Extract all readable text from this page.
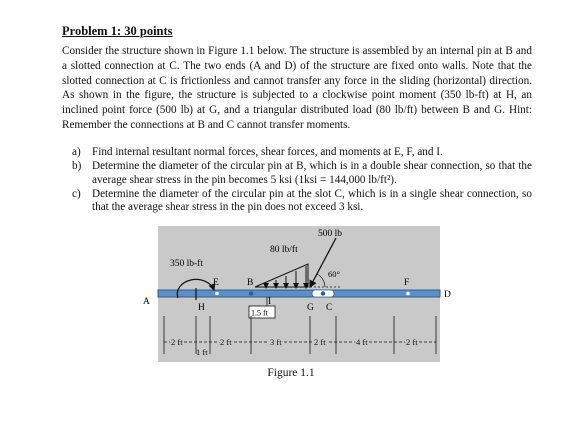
Problem 1: 30 points
Consider the structure shown in Figure 1.1 below. The structure is assembled by an internal pin at B and a slotted connection at C. The two ends (A and D) of the structure are fixed onto walls. Note that the slotted connection at C is frictionless and cannot transfer any force in the sliding (horizontal) direction. As shown in the figure, the structure is subjected to a clockwise point moment (350 lb-ft) at H, an inclined point force (500 lb) at G, and a triangular distributed load (80 lb/ft) between B and G. Hint: Remember the connections at B and C cannot transfer moments.
a) Find internal resultant normal forces, shear forces, and moments at E, F, and I.
b) Determine the diameter of the circular pin at B, which is in a double shear connection, so that the average shear stress in the pin becomes 5 ksi (1ksi = 144,000 lb/ft²).
c) Determine the diameter of the circular pin at the slot C, which is in a single shear connection, so that the average shear stress in the pin does not exceed 3 ksi.
500 lb
80 lb/ft
350 lb-ft
60°
A
B
C
D
E	F
G
H
I
1.5 ft
2 ft
1 ft
2 ft	3 ft	2 ft	4 ft	2 ft
Figure 1.1
